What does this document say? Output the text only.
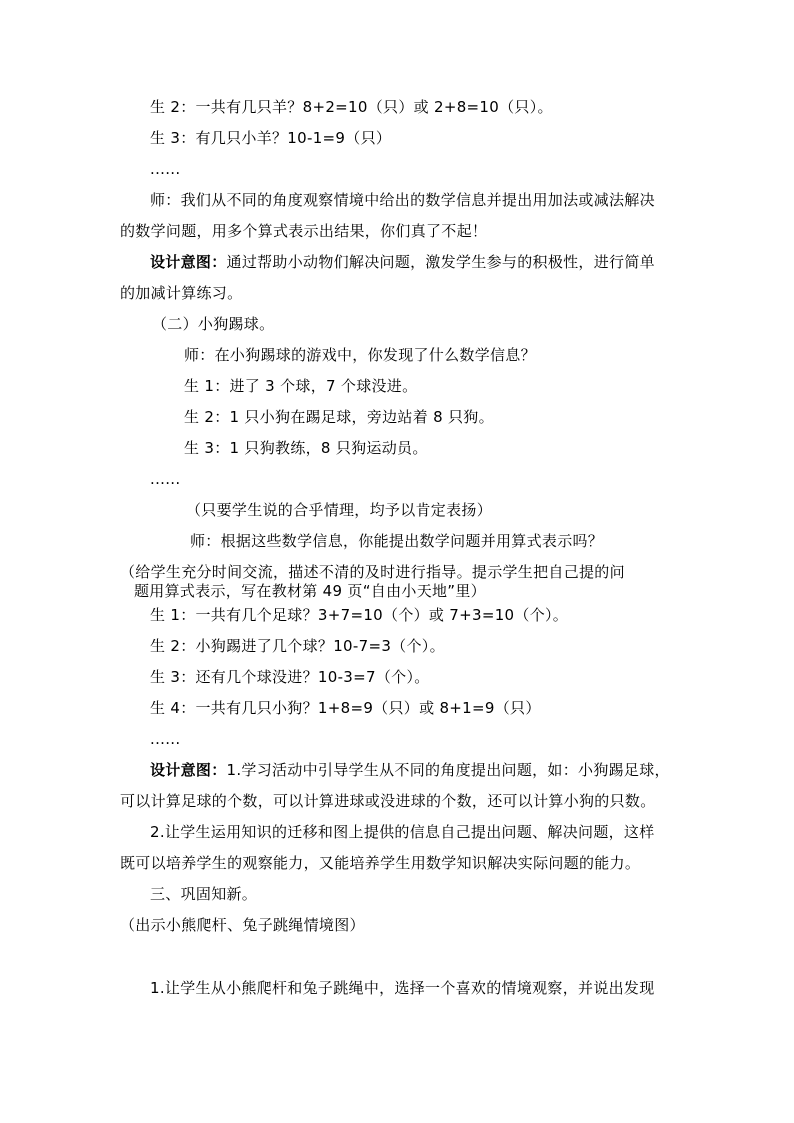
生 2：一共有几只羊？8+2=10（只）或 2+8=10（只）。
生 3：有几只小羊？10-1=9（只）
......
师：我们从不同的角度观察情境中给出的数学信息并提出用加法或减法解决
的数学问题，用多个算式表示出结果，你们真了不起！
设计意图：通过帮助小动物们解决问题，激发学生参与的积极性，进行简单
的加减计算练习。
（二）小狗踢球。
师：在小狗踢球的游戏中，你发现了什么数学信息？
生 1：进了 3 个球，7 个球没进。
生 2：1 只小狗在踢足球，旁边站着 8 只狗。
生 3：1 只狗教练，8 只狗运动员。
......
（只要学生说的合乎情理，均予以肯定表扬）
师：根据这些数学信息，你能提出数学问题并用算式表示吗？
（给学生充分时间交流，描述不清的及时进行指导。提示学生把自己提的问
题用算式表示，写在教材第 49 页“自由小天地”里）
生 1：一共有几个足球？3+7=10（个）或 7+3=10（个）。
生 2：小狗踢进了几个球？10-7=3（个）。
生 3：还有几个球没进？10-3=7（个）。
生 4：一共有几只小狗？1+8=9（只）或 8+1=9（只）
......
设计意图：1.学习活动中引导学生从不同的角度提出问题，如：小狗踢足球，
可以计算足球的个数，可以计算进球或没进球的个数，还可以计算小狗的只数。
2.让学生运用知识的迁移和图上提供的信息自己提出问题、解决问题，这样
既可以培养学生的观察能力，又能培养学生用数学知识解决实际问题的能力。
三、巩固知新。
（出示小熊爬杆、兔子跳绳情境图）
1.让学生从小熊爬杆和兔子跳绳中，选择一个喜欢的情境观察，并说出发现
